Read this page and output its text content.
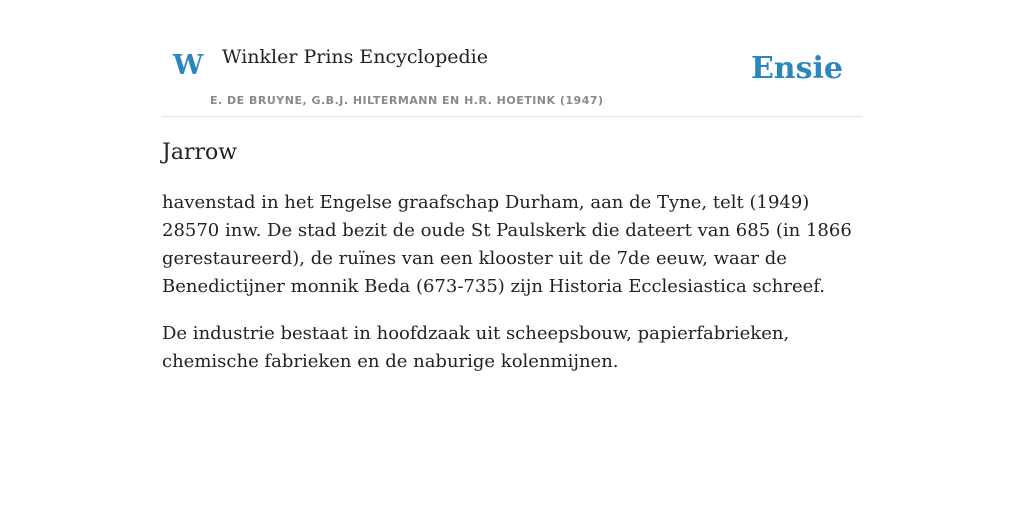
W Winkler Prins Encyclopedie
E. DE BRUYNE, G.B.J. HILTERMANN EN H.R. HOETINK (1947)
Ensie
Jarrow

havenstad in het Engelse graafschap Durham, aan de Tyne, telt (1949) 28570 inw. De stad bezit de oude St Paulskerk die dateert van 685 (in 1866 gerestaureerd), de ruïnes van een klooster uit de 7de eeuw, waar de Benedictijner monnik Beda (673-735) zijn Historia Ecclesiastica schreef.

De industrie bestaat in hoofdzaak uit scheepsbouw, papierfabrieken, chemische fabrieken en de naburige kolenmijnen.
